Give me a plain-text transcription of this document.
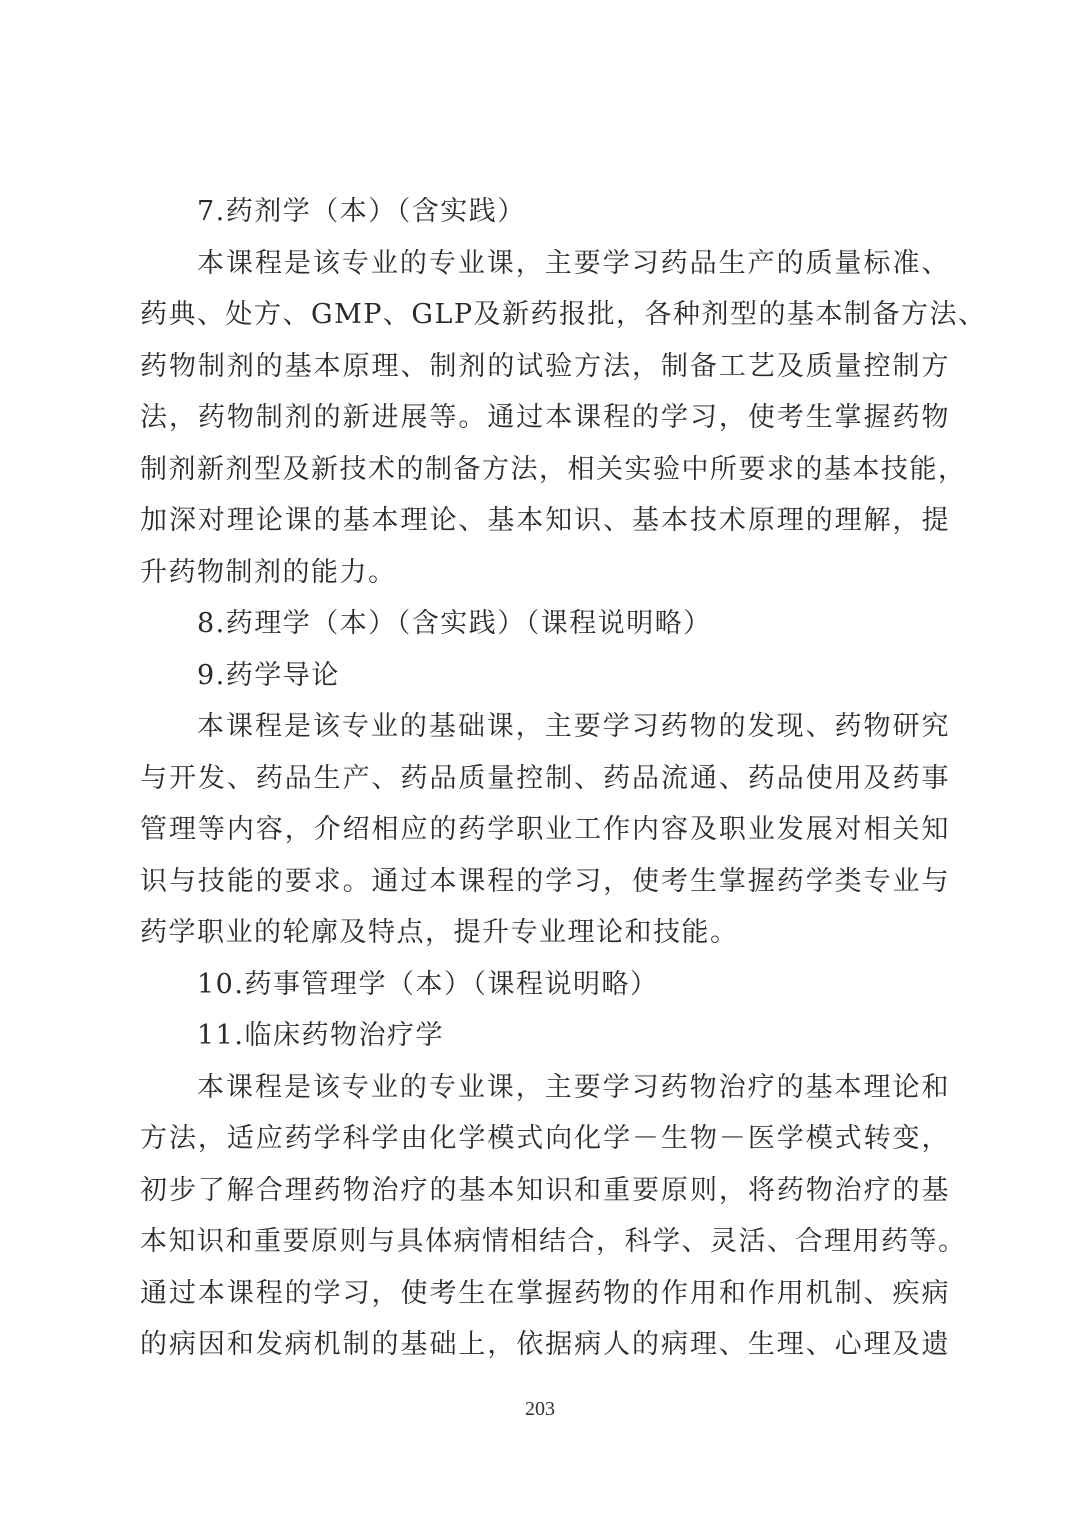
7.药剂学（本）（含实践）
本课程是该专业的专业课，主要学习药品生产的质量标准、
药典、处方、GMP、GLP及新药报批，各种剂型的基本制备方法、
药物制剂的基本原理、制剂的试验方法，制备工艺及质量控制方
法，药物制剂的新进展等。通过本课程的学习，使考生掌握药物
制剂新剂型及新技术的制备方法，相关实验中所要求的基本技能，
加深对理论课的基本理论、基本知识、基本技术原理的理解，提
升药物制剂的能力。
8.药理学（本）（含实践）（课程说明略）
9.药学导论
本课程是该专业的基础课，主要学习药物的发现、药物研究
与开发、药品生产、药品质量控制、药品流通、药品使用及药事
管理等内容，介绍相应的药学职业工作内容及职业发展对相关知
识与技能的要求。通过本课程的学习，使考生掌握药学类专业与
药学职业的轮廓及特点，提升专业理论和技能。
10.药事管理学（本）（课程说明略）
11.临床药物治疗学
本课程是该专业的专业课，主要学习药物治疗的基本理论和
方法，适应药学科学由化学模式向化学－生物－医学模式转变，
初步了解合理药物治疗的基本知识和重要原则，将药物治疗的基
本知识和重要原则与具体病情相结合，科学、灵活、合理用药等。
通过本课程的学习，使考生在掌握药物的作用和作用机制、疾病
的病因和发病机制的基础上，依据病人的病理、生理、心理及遗
203
